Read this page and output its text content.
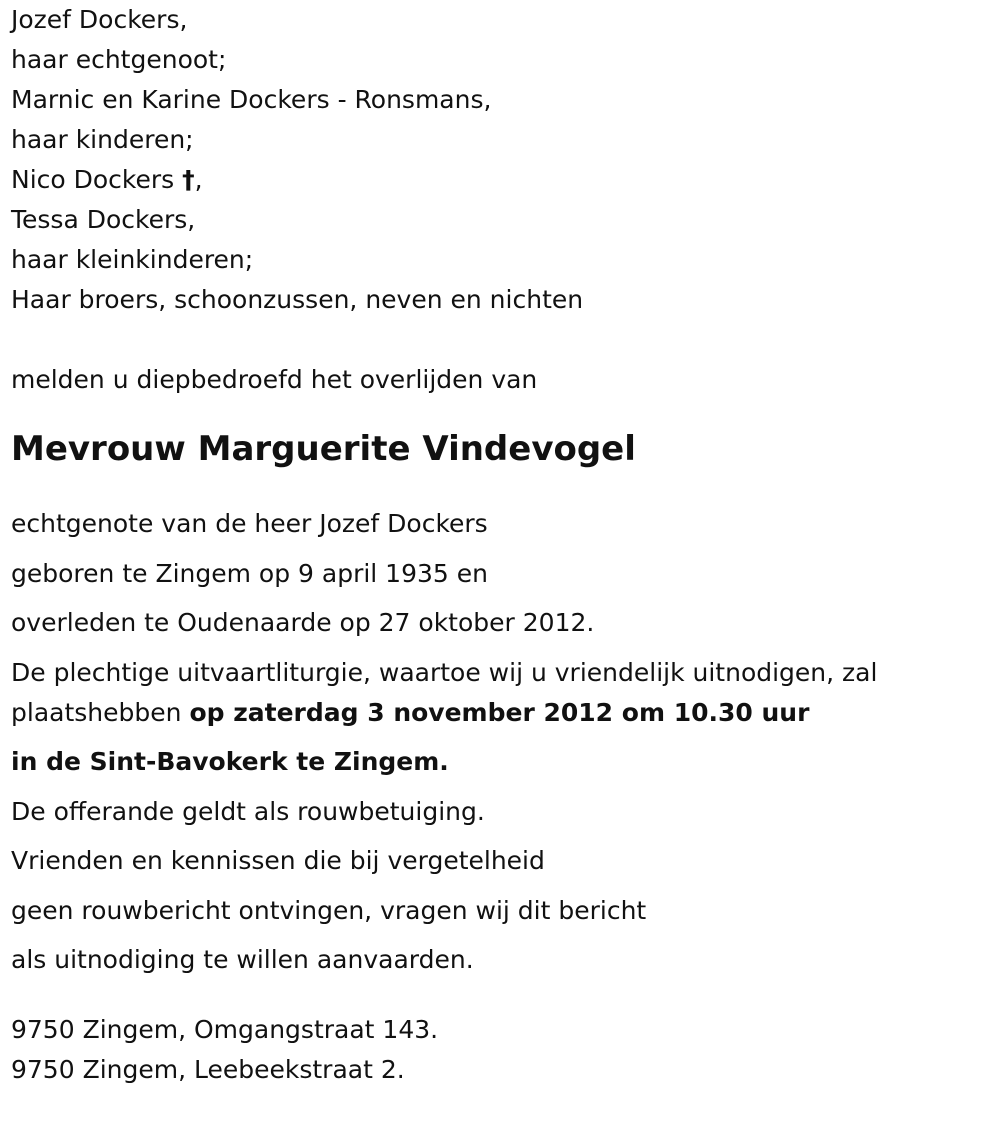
Jozef Dockers,
haar echtgenoot;
Marnic en Karine Dockers - Ronsmans,
haar kinderen;
Nico Dockers †,
Tessa Dockers,
haar kleinkinderen;
Haar broers, schoonzussen, neven en nichten
melden u diepbedroefd het overlijden van
Mevrouw Marguerite Vindevogel
echtgenote van de heer Jozef Dockers
geboren te Zingem op 9 april 1935 en
overleden te Oudenaarde op 27 oktober 2012.
De plechtige uitvaartliturgie, waartoe wij u vriendelijk uitnodigen, zal plaatshebben op zaterdag 3 november 2012 om 10.30 uur
in de Sint-Bavokerk te Zingem.
De offerande geldt als rouwbetuiging.
Vrienden en kennissen die bij vergetelheid
geen rouwbericht ontvingen, vragen wij dit bericht
als uitnodiging te willen aanvaarden.
9750 Zingem, Omgangstraat 143.
9750 Zingem, Leebeekstraat 2.
